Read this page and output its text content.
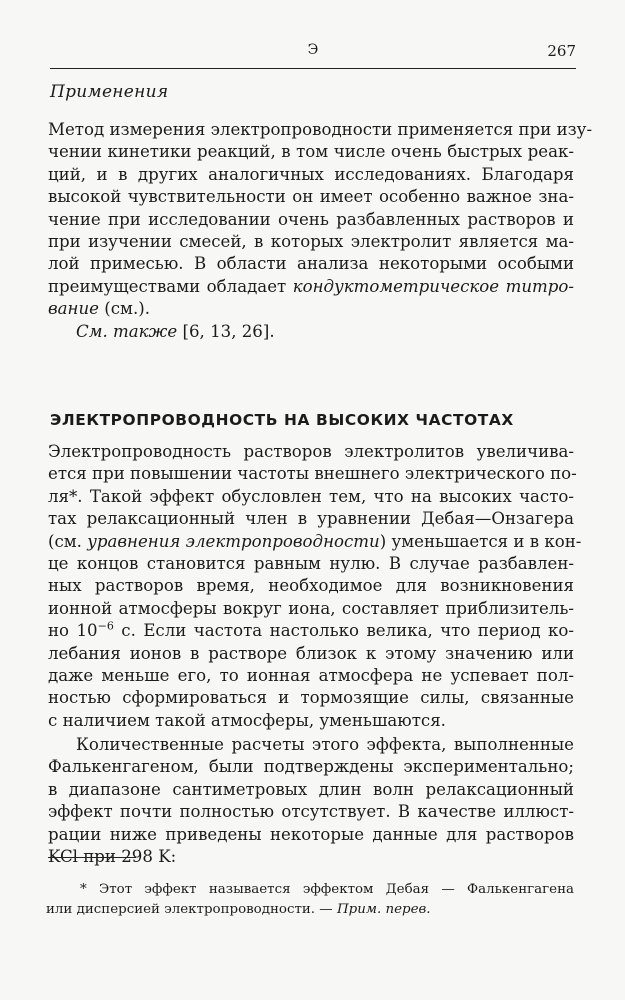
Э	267
Применения

Метод измерения электропроводности применяется при изу-
чении кинетики реакций, в том числе очень быстрых реак-
ций, и в других аналогичных исследованиях. Благодаря
высокой чувствительности он имеет особенно важное зна-
чение при исследовании очень разбавленных растворов и
при изучении смесей, в которых электролит является ма-
лой примесью. В области анализа некоторыми особыми
преимуществами обладает кондуктометрическое титро-
вание (см.).
См. также [6, 13, 26].

ЭЛЕКТРОПРОВОДНОСТЬ НА ВЫСОКИХ ЧАСТОТАХ

Электропроводность растворов электролитов увеличива-
ется при повышении частоты внешнего электрического по-
ля*. Такой эффект обусловлен тем, что на высоких часто-
тах релаксационный член в уравнении Дебая—Онзагера
(см. уравнения электропроводности) уменьшается и в кон-
це концов становится равным нулю. В случае разбавлен-
ных растворов время, необходимое для возникновения
ионной атмосферы вокруг иона, составляет приблизитель-
но $10^{-6}$ с. Если частота настолько велика, что период ко-
лебания ионов в растворе близок к этому значению или
даже меньше его, то ионная атмосфера не успевает пол-
ностью сформироваться и тормозящие силы, связанные
с наличием такой атмосферы, уменьшаются.

Количественные расчеты этого эффекта, выполненные
Фалькенгагеном, были подтверждены экспериментально;
в диапазоне сантиметровых длин волн релаксационный
эффект почти полностью отсутствует. В качестве иллюст-
рации ниже приведены некоторые данные для растворов
KCl при 298 K:

* Этот эффект называется эффектом Дебая — Фалькенгагена
или дисперсией электропроводности. — Прим. перев.
